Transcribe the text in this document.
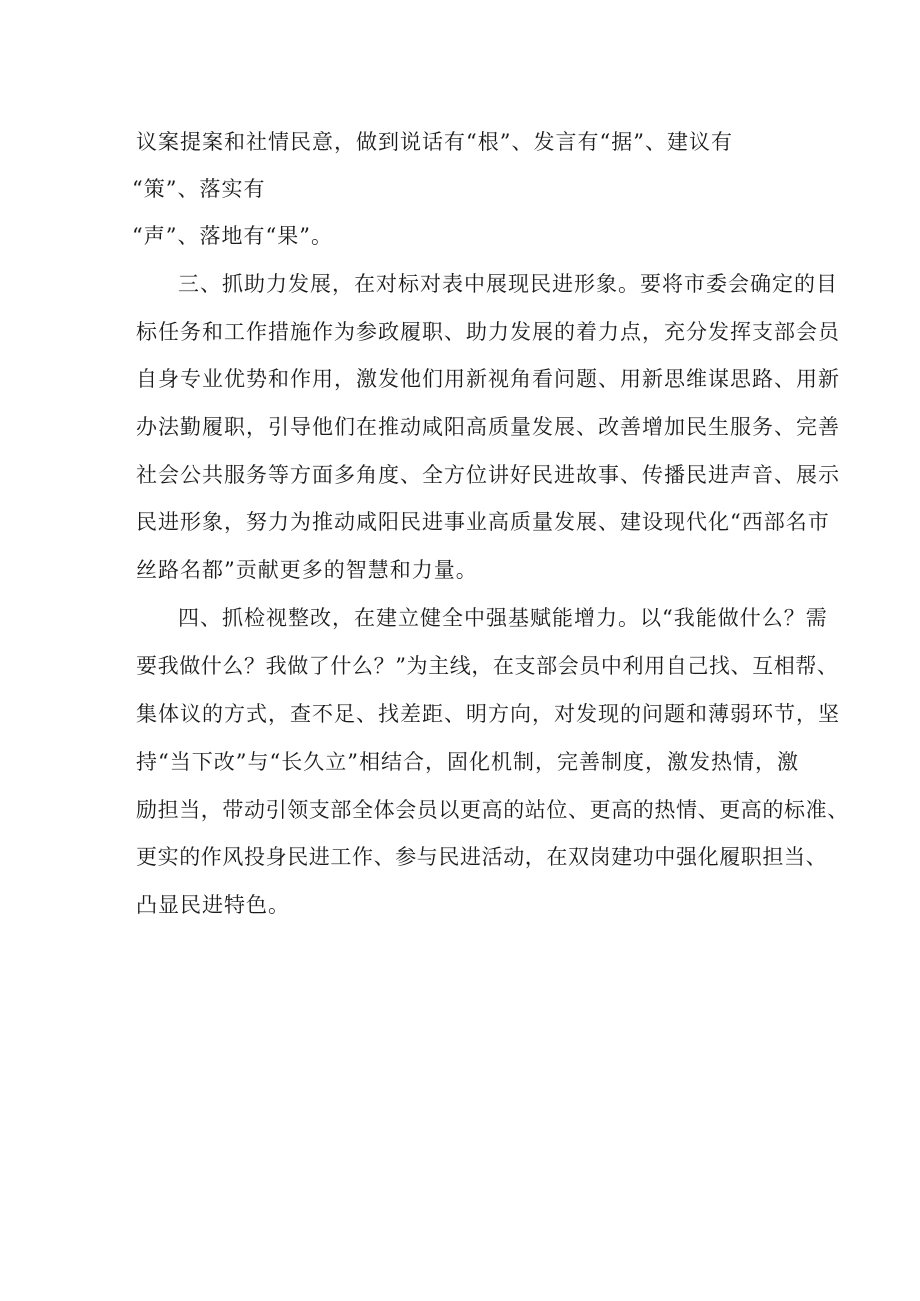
议案提案和社情民意，做到说话有“根”、发言有“据”、建议有
“策”、落实有
“声”、落地有“果”。
三、抓助力发展，在对标对表中展现民进形象。要将市委会确定的目
标任务和工作措施作为参政履职、助力发展的着力点，充分发挥支部会员
自身专业优势和作用，激发他们用新视角看问题、用新思维谋思路、用新
办法勤履职，引导他们在推动咸阳高质量发展、改善增加民生服务、完善
社会公共服务等方面多角度、全方位讲好民进故事、传播民进声音、展示
民进形象，努力为推动咸阳民进事业高质量发展、建设现代化“西部名市
丝路名都”贡献更多的智慧和力量。
四、抓检视整改，在建立健全中强基赋能增力。以“我能做什么？需
要我做什么？我做了什么？”为主线，在支部会员中利用自己找、互相帮、
集体议的方式，查不足、找差距、明方向，对发现的问题和薄弱环节，坚
持“当下改”与“长久立”相结合，固化机制，完善制度，激发热情，激
励担当，带动引领支部全体会员以更高的站位、更高的热情、更高的标准、
更实的作风投身民进工作、参与民进活动，在双岗建功中强化履职担当、
凸显民进特色。
